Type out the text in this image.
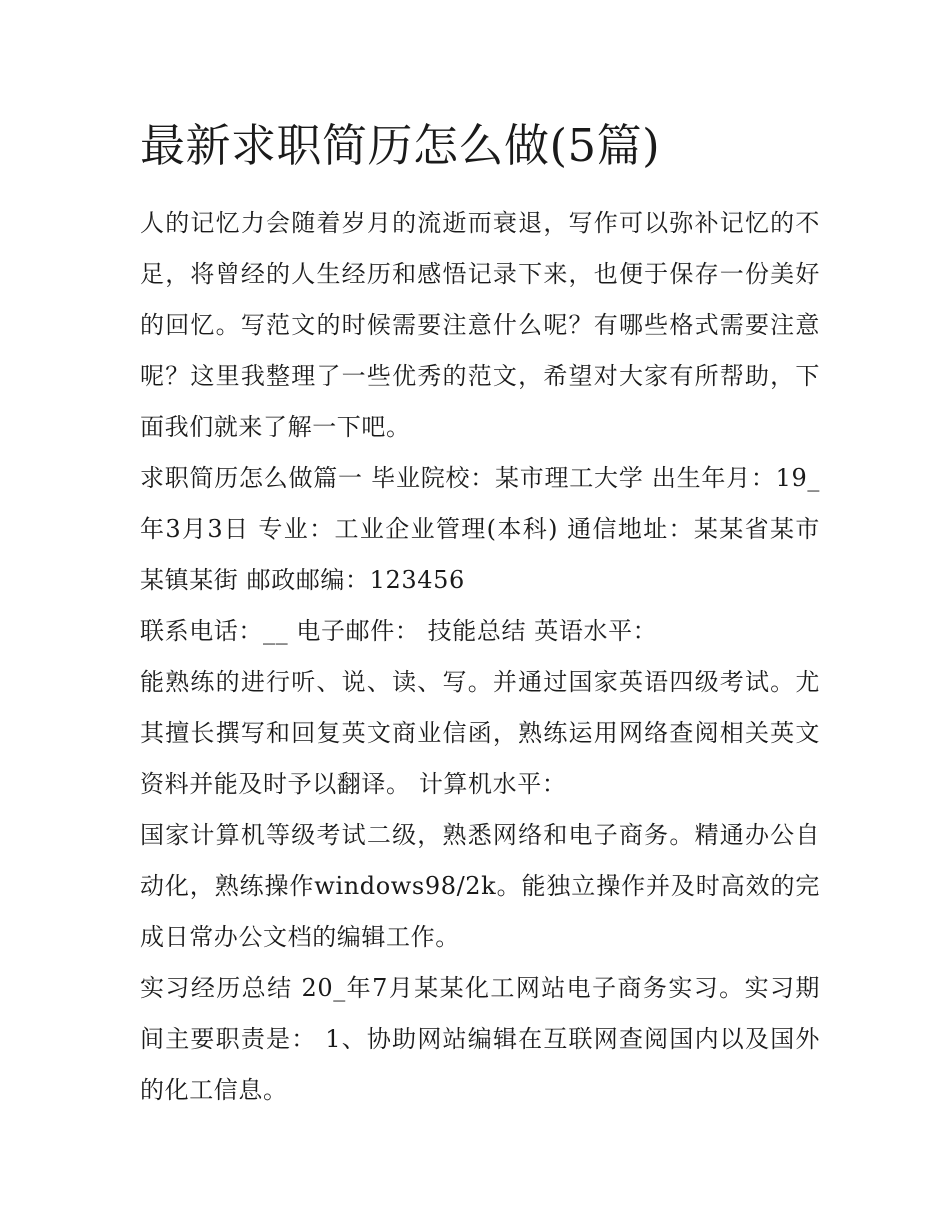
最新求职简历怎么做(5篇)

人的记忆力会随着岁月的流逝而衰退，写作可以弥补记忆的不足，将曾经的人生经历和感悟记录下来，也便于保存一份美好的回忆。写范文的时候需要注意什么呢？有哪些格式需要注意呢？这里我整理了一些优秀的范文，希望对大家有所帮助，下面我们就来了解一下吧。

求职简历怎么做篇一 毕业院校：某市理工大学 出生年月：19_年3月3日 专业：工业企业管理(本科) 通信地址：某某省某市某镇某街 邮政邮编：123456

联系电话：__ 电子邮件： 技能总结 英语水平：

能熟练的进行听、说、读、写。并通过国家英语四级考试。尤其擅长撰写和回复英文商业信函，熟练运用网络查阅相关英文资料并能及时予以翻译。 计算机水平：

国家计算机等级考试二级，熟悉网络和电子商务。精通办公自动化，熟练操作windows98/2k。能独立操作并及时高效的完成日常办公文档的编辑工作。

实习经历总结 20_年7月某某化工网站电子商务实习。实习期间主要职责是： 1、协助网站编辑在互联网查阅国内以及国外的化工信息。
